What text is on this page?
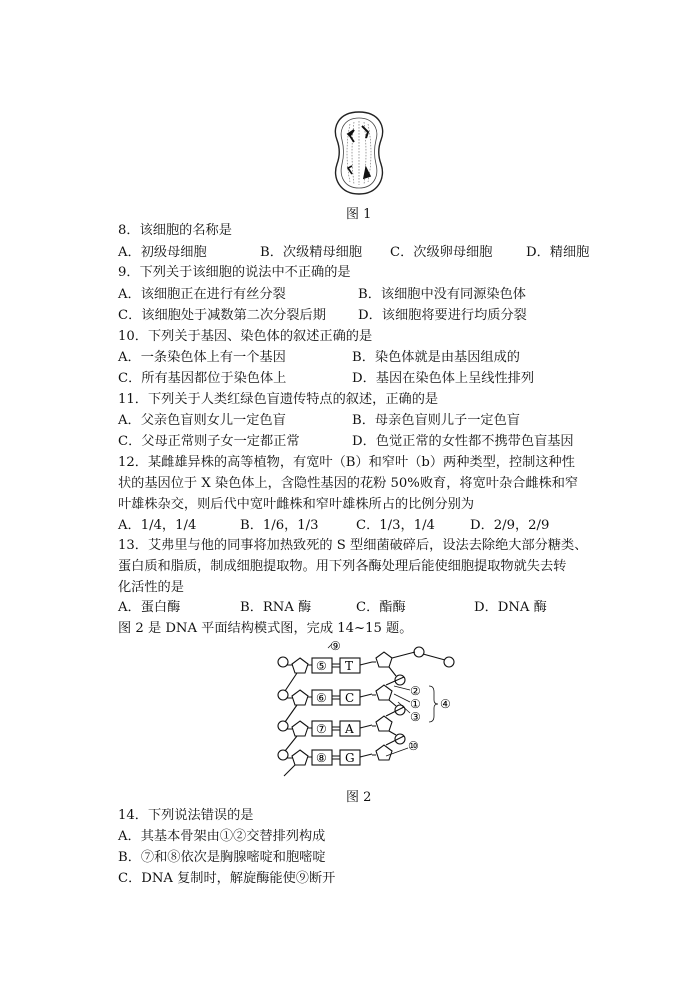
图 1
8．该细胞的名称是
A．初级母细胞	B．次级精母细胞 C．次级卵母细胞	D．精细胞
9．下列关于该细胞的说法中不正确的是
A．该细胞正在进行有丝分裂	B．该细胞中没有同源染色体
C．该细胞处于减数第二次分裂后期 D．该细胞将要进行均质分裂
10．下列关于基因、染色体的叙述正确的是
A．一条染色体上有一个基因	B．染色体就是由基因组成的
C．所有基因都位于染色体上	D．基因在染色体上呈线性排列
11．下列关于人类红绿色盲遗传特点的叙述，正确的是
A．父亲色盲则女儿一定色盲	B．母亲色盲则儿子一定色盲
C．父母正常则子女一定都正常	D．色觉正常的女性都不携带色盲基因
12．某雌雄异株的高等植物，有宽叶（B）和窄叶（b）两种类型，控制这种性
状的基因位于 X 染色体上，含隐性基因的花粉 50%败育，将宽叶杂合雌株和窄
叶雄株杂交，则后代中宽叶雌株和窄叶雄株所占的比例分别为
A．1/4，1/4	B．1/6，1/3	C．1/3，1/4	D．2/9，2/9
13．艾弗里与他的同事将加热致死的 S 型细菌破碎后，设法去除绝大部分糖类、
蛋白质和脂质，制成细胞提取物。用下列各酶处理后能使细胞提取物就失去转
化活性的是
A．蛋白酶	B．RNA 酶	C．酯酶	D．DNA 酶
图 2 是 DNA 平面结构模式图，完成 14~15 题。
⑤ T
⑥ C
⑦ A
⑧ G
②
①
③
④
⑩
⑨
图 2
14．下列说法错误的是
A．其基本骨架由①②交替排列构成
B．⑦和⑧依次是胸腺嘧啶和胞嘧啶
C．DNA 复制时，解旋酶能使⑨断开
